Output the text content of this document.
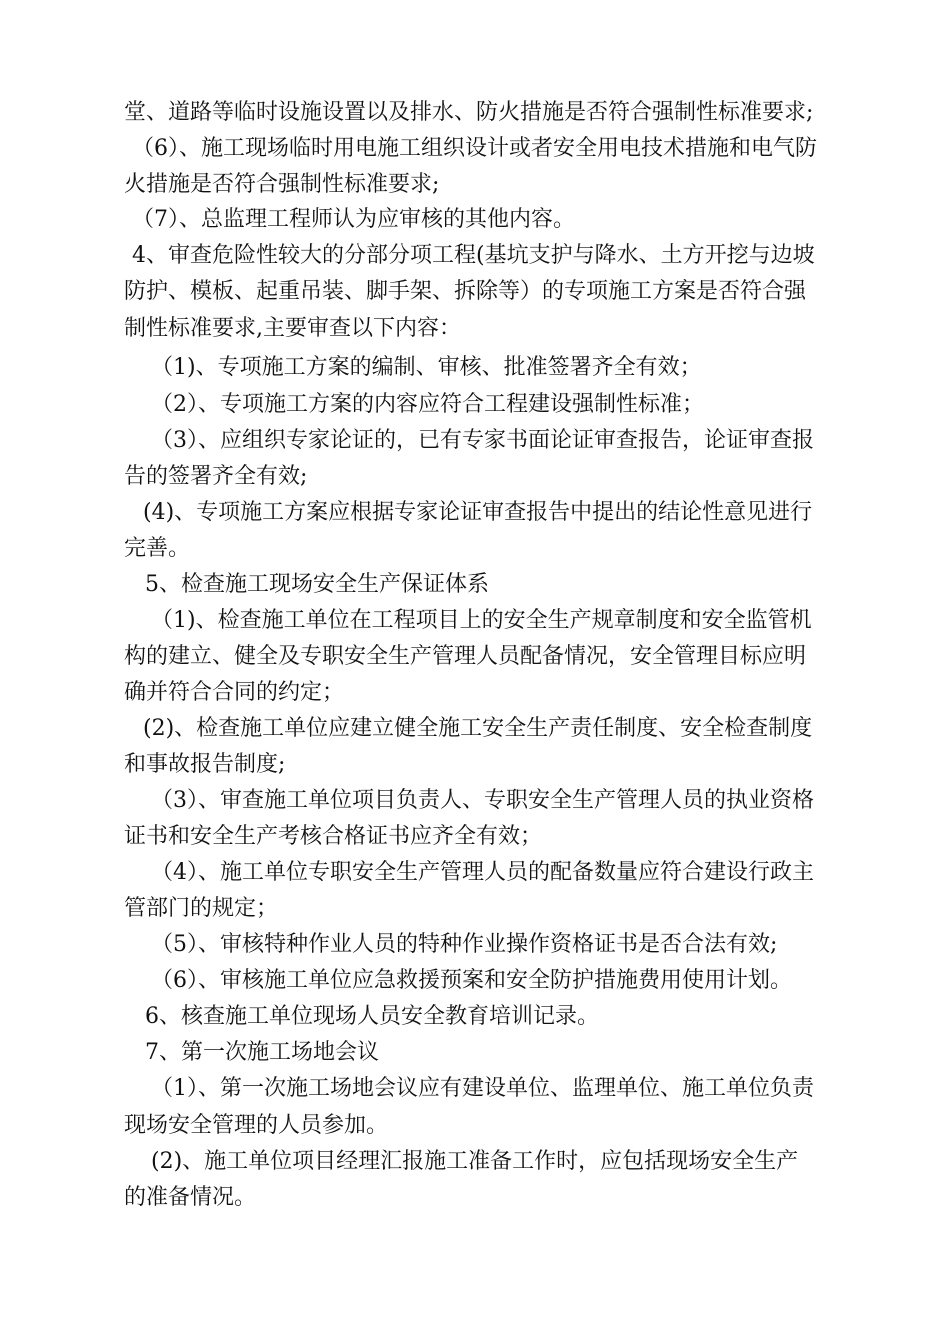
堂、道路等临时设施设置以及排水、防火措施是否符合强制性标准要求;
（6）、施工现场临时用电施工组织设计或者安全用电技术措施和电气防
火措施是否符合强制性标准要求;
（7）、总监理工程师认为应审核的其他内容。
4、审查危险性较大的分部分项工程(基坑支护与降水、土方开挖与边坡
防护、模板、起重吊装、脚手架、拆除等）的专项施工方案是否符合强
制性标准要求,主要审查以下内容：
（1)、专项施工方案的编制、审核、批准签署齐全有效；
（2）、专项施工方案的内容应符合工程建设强制性标准；
（3）、应组织专家论证的，已有专家书面论证审查报告，论证审查报
告的签署齐全有效;
(4)、专项施工方案应根据专家论证审查报告中提出的结论性意见进行
完善。
5、检查施工现场安全生产保证体系
（1)、检查施工单位在工程项目上的安全生产规章制度和安全监管机
构的建立、健全及专职安全生产管理人员配备情况，安全管理目标应明
确并符合合同的约定；
(2)、检查施工单位应建立健全施工安全生产责任制度、安全检查制度
和事故报告制度;
（3）、审查施工单位项目负责人、专职安全生产管理人员的执业资格
证书和安全生产考核合格证书应齐全有效；
（4）、施工单位专职安全生产管理人员的配备数量应符合建设行政主
管部门的规定；
（5）、审核特种作业人员的特种作业操作资格证书是否合法有效;
（6）、审核施工单位应急救援预案和安全防护措施费用使用计划。
6、核查施工单位现场人员安全教育培训记录。
7、第一次施工场地会议
（1）、第一次施工场地会议应有建设单位、监理单位、施工单位负责
现场安全管理的人员参加。
(2)、施工单位项目经理汇报施工准备工作时，应包括现场安全生产
的准备情况。
